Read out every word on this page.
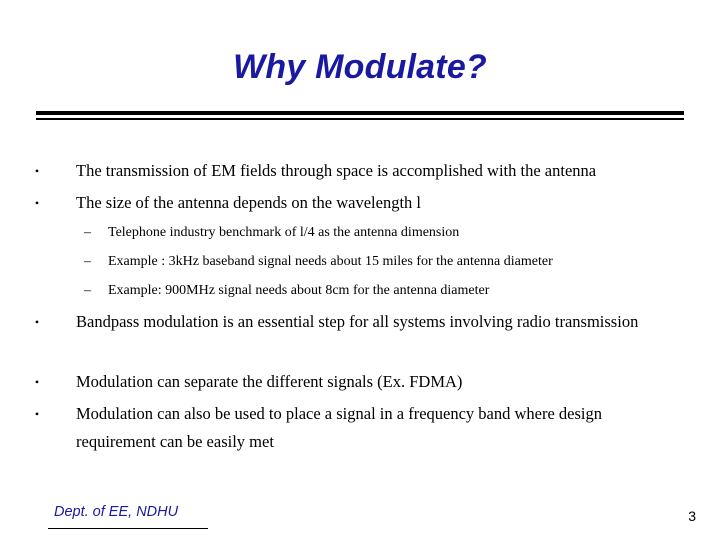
Why Modulate?
• The transmission of EM fields through space is accomplished with the antenna
• The size of the antenna depends on the wavelength l
– Telephone industry benchmark of l/4 as the antenna dimension
– Example : 3kHz baseband signal needs about 15 miles for the antenna diameter
– Example: 900MHz signal needs about 8cm for the antenna diameter
• Bandpass modulation is an essential step for all systems involving radio transmission
• Modulation can separate the different signals (Ex. FDMA)
• Modulation can also be used to place a signal in a frequency band where design requirement can be easily met
Dept. of EE, NDHU	3
